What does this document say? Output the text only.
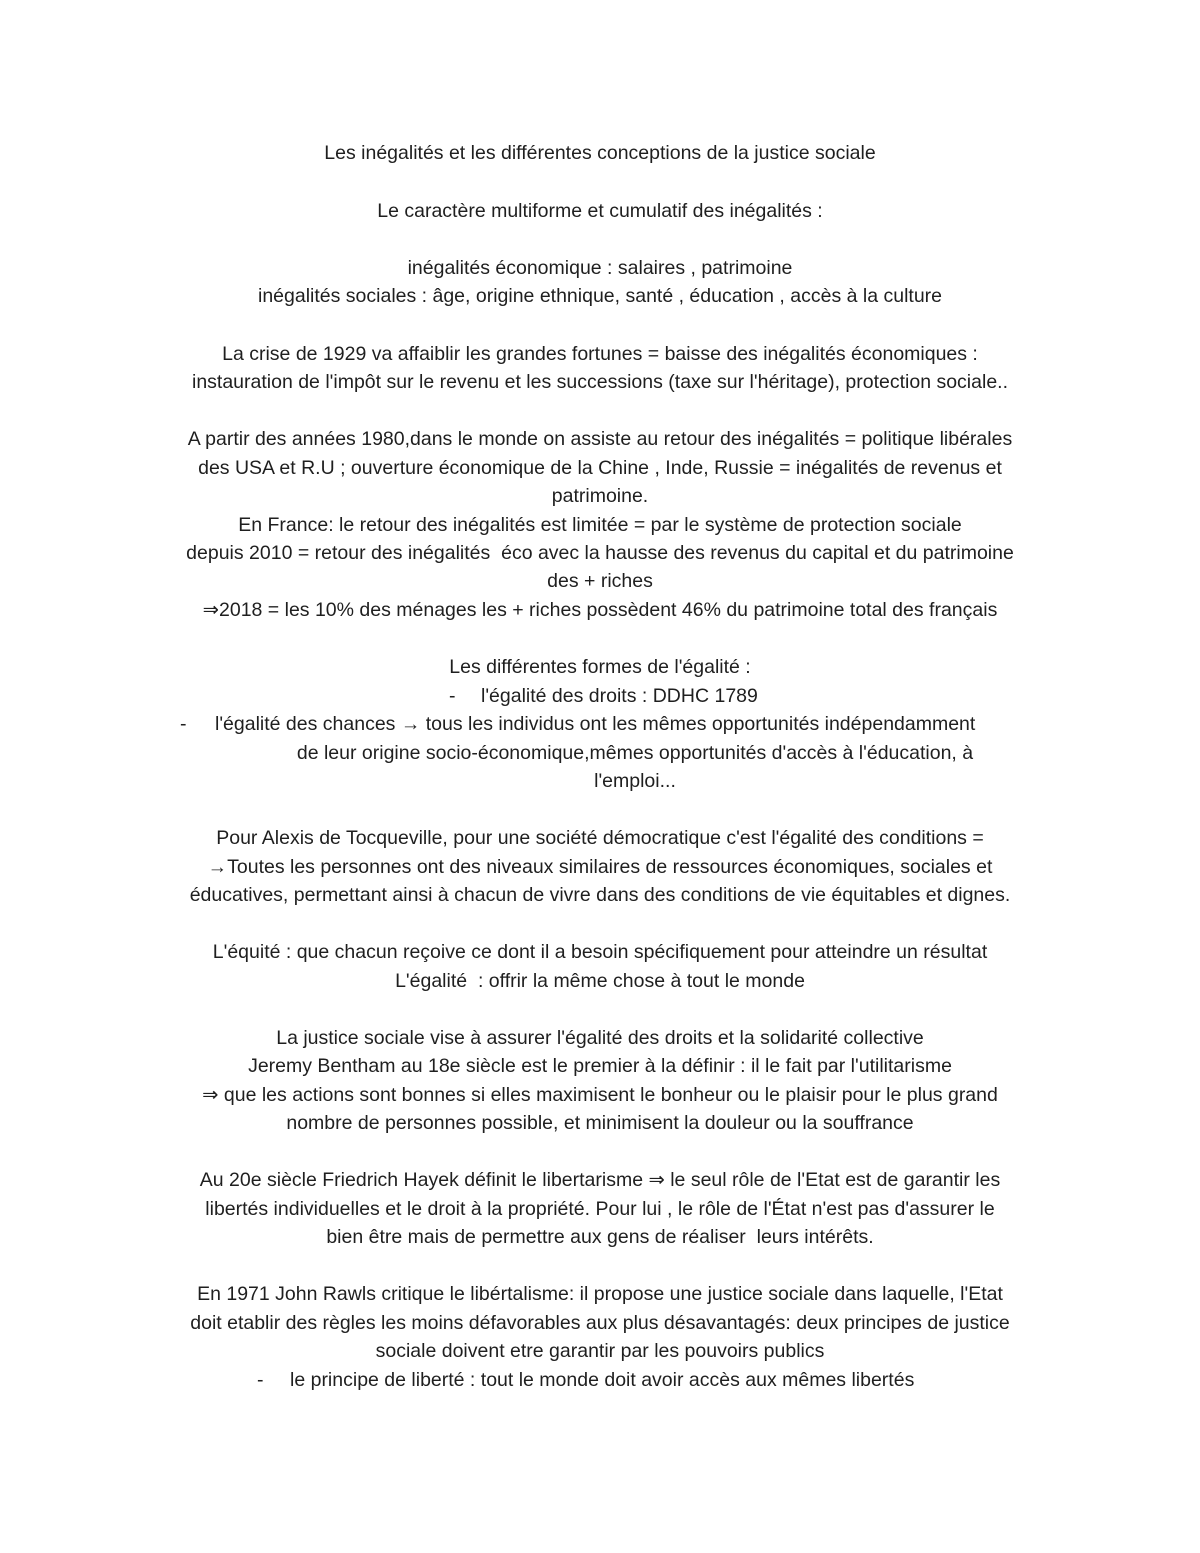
Les inégalités et les différentes conceptions de la justice sociale
Le caractère multiforme et cumulatif des inégalités :
inégalités économique : salaires , patrimoine
inégalités sociales : âge, origine ethnique, santé , éducation , accès à la culture
La crise de 1929 va affaiblir les grandes fortunes = baisse des inégalités économiques :
instauration de l'impôt sur le revenu et les successions (taxe sur l'héritage), protection sociale..
A partir des années 1980,dans le monde on assiste au retour des inégalités = politique libérales
des USA et R.U ; ouverture économique de la Chine , Inde, Russie = inégalités de revenus et
patrimoine.
En France: le retour des inégalités est limitée = par le système de protection sociale
depuis 2010 = retour des inégalités  éco avec la hausse des revenus du capital et du patrimoine
des + riches
⇒2018 = les 10% des ménages les + riches possèdent 46% du patrimoine total des français
Les différentes formes de l'égalité :
- l'égalité des droits : DDHC 1789
- l'égalité des chances → tous les individus ont les mêmes opportunités indépendamment
de leur origine socio-économique,mêmes opportunités d'accès à l'éducation, à
l'emploi...
Pour Alexis de Tocqueville, pour une société démocratique c'est l'égalité des conditions =
→Toutes les personnes ont des niveaux similaires de ressources économiques, sociales et
éducatives, permettant ainsi à chacun de vivre dans des conditions de vie équitables et dignes.
L'équité : que chacun reçoive ce dont il a besoin spécifiquement pour atteindre un résultat
L'égalité  : offrir la même chose à tout le monde
La justice sociale vise à assurer l'égalité des droits et la solidarité collective
Jeremy Bentham au 18e siècle est le premier à la définir : il le fait par l'utilitarisme
⇒ que les actions sont bonnes si elles maximisent le bonheur ou le plaisir pour le plus grand
nombre de personnes possible, et minimisent la douleur ou la souffrance
Au 20e siècle Friedrich Hayek définit le libertarisme ⇒ le seul rôle de l'Etat est de garantir les
libertés individuelles et le droit à la propriété. Pour lui , le rôle de l'État n'est pas d'assurer le
bien être mais de permettre aux gens de réaliser  leurs intérêts.
En 1971 John Rawls critique le libértalisme: il propose une justice sociale dans laquelle, l'Etat
doit etablir des règles les moins défavorables aux plus désavantagés: deux principes de justice
sociale doivent etre garantir par les pouvoirs publics
- le principe de liberté : tout le monde doit avoir accès aux mêmes libertés
